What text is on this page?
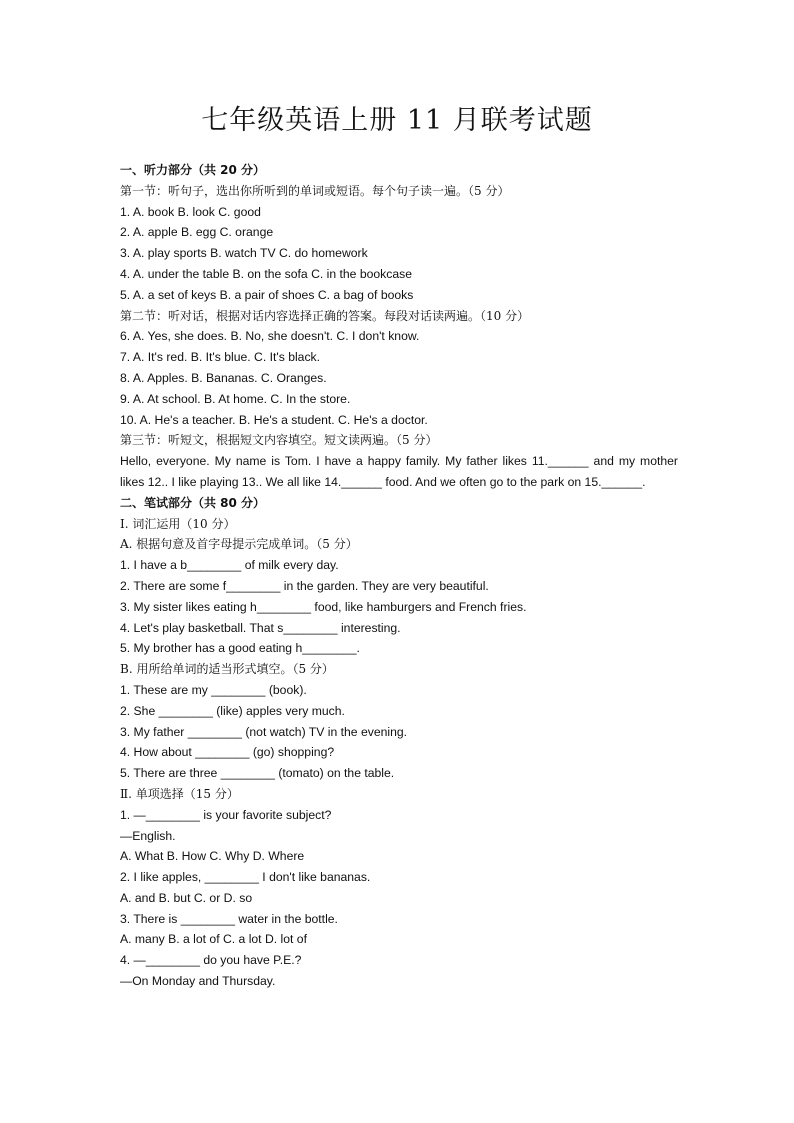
七年级英语上册 11 月联考试题
一、听力部分（共 20 分）
第一节：听句子，选出你所听到的单词或短语。每个句子读一遍。（5 分）
1. A. book B. look C. good
2. A. apple B. egg C. orange
3. A. play sports B. watch TV C. do homework
4. A. under the table B. on the sofa C. in the bookcase
5. A. a set of keys B. a pair of shoes C. a bag of books
第二节：听对话，根据对话内容选择正确的答案。每段对话读两遍。（10 分）
6. A. Yes, she does. B. No, she doesn't. C. I don't know.
7. A. It's red. B. It's blue. C. It's black.
8. A. Apples. B. Bananas. C. Oranges.
9. A. At school. B. At home. C. In the store.
10. A. He's a teacher. B. He's a student. C. He's a doctor.
第三节：听短文，根据短文内容填空。短文读两遍。（5 分）
Hello, everyone. My name is Tom. I have a happy family. My father likes 11.______ and my mother likes 12.. I like playing 13.. We all like 14.______ food. And we often go to the park on 15.______.
二、笔试部分（共 80 分）
Ⅰ. 词汇运用（10 分）
A. 根据句意及首字母提示完成单词。（5 分）
1. I have a b________ of milk every day.
2. There are some f________ in the garden. They are very beautiful.
3. My sister likes eating h________ food, like hamburgers and French fries.
4. Let's play basketball. That s________ interesting.
5. My brother has a good eating h________.
B. 用所给单词的适当形式填空。（5 分）
1. These are my ________ (book).
2. She ________ (like) apples very much.
3. My father ________ (not watch) TV in the evening.
4. How about ________ (go) shopping?
5. There are three ________ (tomato) on the table.
Ⅱ. 单项选择（15 分）
1. —________ is your favorite subject?
—English.
A. What B. How C. Why D. Where
2. I like apples, ________ I don't like bananas.
A. and B. but C. or D. so
3. There is ________ water in the bottle.
A. many B. a lot of C. a lot D. lot of
4. —________ do you have P.E.?
—On Monday and Thursday.
